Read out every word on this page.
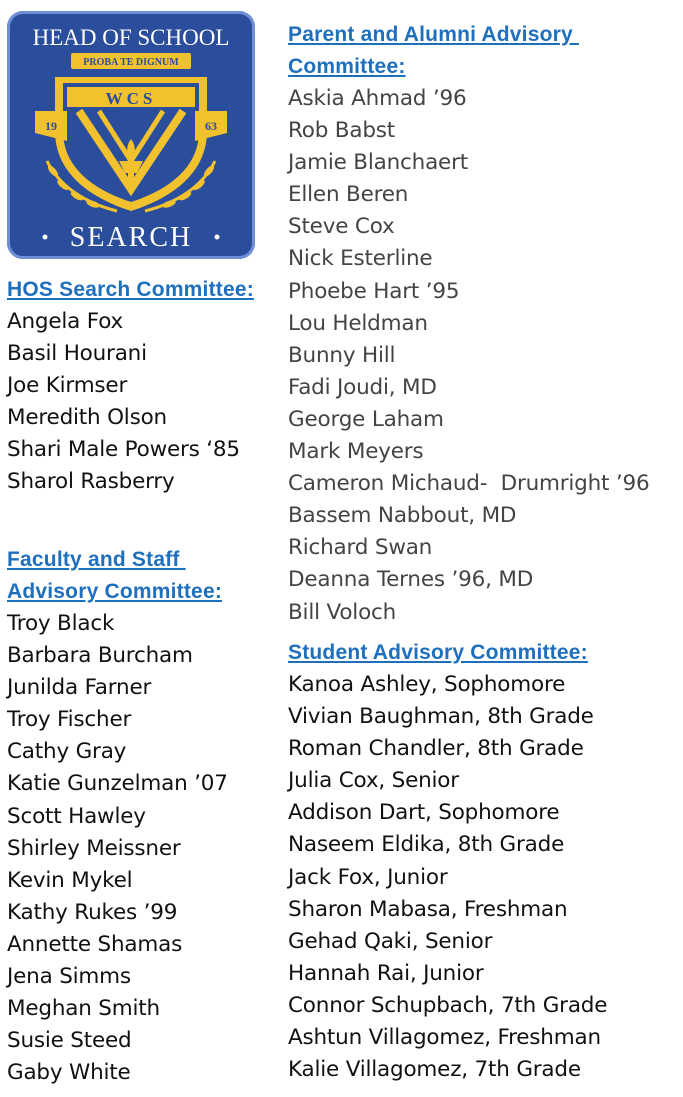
HEAD OF SCHOOL
PROBA TE DIGNUM
WCS
19	63
SEARCH
HOS Search Committee:
Angela Fox
Basil Hourani
Joe Kirmser
Meredith Olson
Shari Male Powers ‘85
Sharol Rasberry
Faculty and Staff
Advisory Committee:
Troy Black
Barbara Burcham
Junilda Farner
Troy Fischer
Cathy Gray
Katie Gunzelman ’07
Scott Hawley
Shirley Meissner
Kevin Mykel
Kathy Rukes ’99
Annette Shamas
Jena Simms
Meghan Smith
Susie Steed
Gaby White
Parent and Alumni Advisory
Committee:
Askia Ahmad ’96
Rob Babst
Jamie Blanchaert
Ellen Beren
Steve Cox
Nick Esterline
Phoebe Hart ’95
Lou Heldman
Bunny Hill
Fadi Joudi, MD
George Laham
Mark Meyers
Cameron Michaud-  Drumright ’96
Bassem Nabbout, MD
Richard Swan
Deanna Ternes ’96, MD
Bill Voloch
Student Advisory Committee:
Kanoa Ashley, Sophomore
Vivian Baughman, 8th Grade
Roman Chandler, 8th Grade
Julia Cox, Senior
Addison Dart, Sophomore
Naseem Eldika, 8th Grade
Jack Fox, Junior
Sharon Mabasa, Freshman
Gehad Qaki, Senior
Hannah Rai, Junior
Connor Schupbach, 7th Grade
Ashtun Villagomez, Freshman
Kalie Villagomez, 7th Grade
